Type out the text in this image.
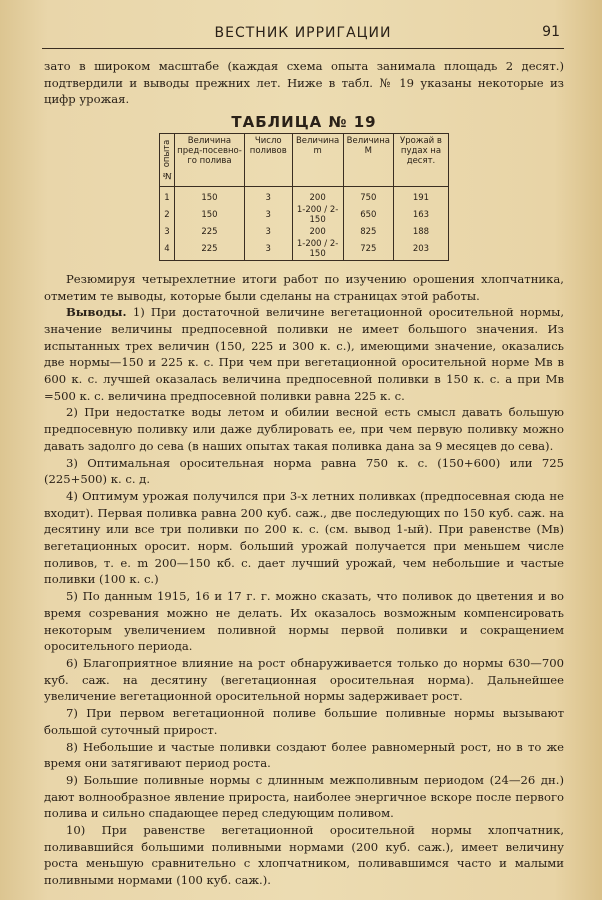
ВЕСТНИК ИРРИГАЦИИ	91

зато в широком масштабе (каждая схема опыта занимала площадь 2 десят.) подтвердили и выводы прежних лет. Ниже в табл. № 19 указаны некоторые из цифр урожая.

ТАБЛИЦА № 19
№ опыта	Величина пред-посевно-го полива	Число поливов	Величина m	Величина M	Урожай в пудах на десят.
1	150	3	200	750	191
2	150	3	1-200 / 2-150	650	163
3	225	3	200	825	188
4	225	3	1-200 / 2-150	725	203

Резюмируя четырехлетние итоги работ по изучению орошения хлопчатника, отметим те выводы, которые были сделаны на страницах этой работы.

Выводы. 1) При достаточной величине вегетационной оросительной нормы, значение величины предпосевной поливки не имеет большого значения. Из испытанных трех величин (150, 225 и 300 к. с.), имеющими значение, оказались две нормы—150 и 225 к. с. При чем при вегетационной оросительной норме Мв в 600 к. с. лучшей оказалась величина предпосевной поливки в 150 к. с. а при Мв =500 к. с. величина предпосевной поливки равна 225 к. с.

2) При недостатке воды летом и обилии весной есть смысл давать большую предпосевную поливку или даже дублировать ее, при чем первую поливку можно давать задолго до сева (в наших опытах такая поливка дана за 9 месяцев до сева).

3) Оптимальная оросительная норма равна 750 к. с. (150+600) или 725 (225+500) к. с. д.

4) Оптимум урожая получился при 3-х летних поливках (предпосевная сюда не входит). Первая поливка равна 200 куб. саж., две последующих по 150 куб. саж. на десятину или все три поливки по 200 к. с. (см. вывод 1-ый). При равенстве (Мв) вегетационных оросит. норм. больший урожай получается при меньшем числе поливов, т. е. m 200—150 кб. с. дает лучший урожай, чем небольшие и частые поливки (100 к. с.)

5) По данным 1915, 16 и 17 г. г. можно сказать, что поливок до цветения и во время созревания можно не делать. Их оказалось возможным компенсировать некоторым увеличением поливной нормы первой поливки и сокращением оросительного периода.

6) Благоприятное влияние на рост обнаруживается только до нормы 630—700 куб. саж. на десятину (вегетационная оросительная норма). Дальнейшее увеличение вегетационной оросительной нормы задерживает рост.

7) При первом вегетационной поливе большие поливные нормы вызывают большой суточный прирост.

8) Небольшие и частые поливки создают более равномерный рост, но в то же время они затягивают период роста.

9) Большие поливные нормы с длинным межполивным периодом (24—26 дн.) дают волнообразное явление прироста, наиболее энергичное вскоре после первого полива и сильно спадающее перед следующим поливом.

10) При равенстве вегетационной оросительной нормы хлопчатник, поливавшийся большими поливными нормами (200 куб. саж.), имеет величину роста меньшую сравнительно с хлопчатником, поливавшимся часто и малыми поливными нормами (100 куб. саж.).
